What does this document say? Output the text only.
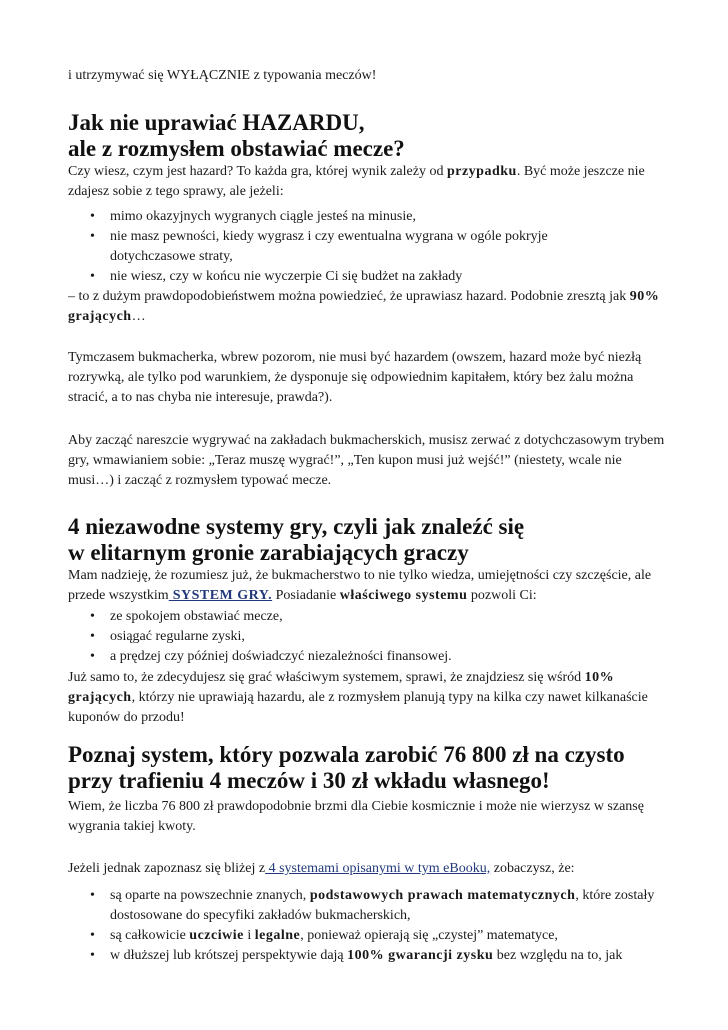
i utrzymywać się WYŁĄCZNIE z typowania meczów!

Jak nie uprawiać HAZARDU,
ale z rozmysłem obstawiać mecze?

Czy wiesz, czym jest hazard? To każda gra, której wynik zależy od przypadku. Być może jeszcze nie zdajesz sobie z tego sprawy, ale jeżeli:

• mimo okazyjnych wygranych ciągle jesteś na minusie,
• nie masz pewności, kiedy wygrasz i czy ewentualna wygrana w ogóle pokryje dotychczasowe straty,
• nie wiesz, czy w końcu nie wyczerpie Ci się budżet na zakłady

– to z dużym prawdopodobieństwem można powiedzieć, że uprawiasz hazard. Podobnie zresztą jak 90% grających…

Tymczasem bukmacherka, wbrew pozorom, nie musi być hazardem (owszem, hazard może być niezłą rozrywką, ale tylko pod warunkiem, że dysponuje się odpowiednim kapitałem, który bez żalu można stracić, a to nas chyba nie interesuje, prawda?).

Aby zacząć nareszcie wygrywać na zakładach bukmacherskich, musisz zerwać z dotychczasowym trybem gry, wmawianiem sobie: „Teraz muszę wygrać!”, „Ten kupon musi już wejść!” (niestety, wcale nie musi…) i zacząć z rozmysłem typować mecze.

4 niezawodne systemy gry, czyli jak znaleźć się
w elitarnym gronie zarabiających graczy

Mam nadzieję, że rozumiesz już, że bukmacherstwo to nie tylko wiedza, umiejętności czy szczęście, ale przede wszystkim SYSTEM GRY. Posiadanie właściwego systemu pozwoli Ci:

• ze spokojem obstawiać mecze,
• osiągać regularne zyski,
• a prędzej czy później doświadczyć niezależności finansowej.

Już samo to, że zdecydujesz się grać właściwym systemem, sprawi, że znajdziesz się wśród 10% grających, którzy nie uprawiają hazardu, ale z rozmysłem planują typy na kilka czy nawet kilkanaście kuponów do przodu!

Poznaj system, który pozwala zarobić 76 800 zł na czysto
przy trafieniu 4 meczów i 30 zł wkładu własnego!

Wiem, że liczba 76 800 zł prawdopodobnie brzmi dla Ciebie kosmicznie i może nie wierzysz w szansę wygrania takiej kwoty.

Jeżeli jednak zapoznasz się bliżej z 4 systemami opisanymi w tym eBooku, zobaczysz, że:

• są oparte na powszechnie znanych, podstawowych prawach matematycznych, które zostały dostosowane do specyfiki zakładów bukmacherskich,
• są całkowicie uczciwie i legalne, ponieważ opierają się „czystej” matematyce,
• w dłuższej lub krótszej perspektywie dają 100% gwarancji zysku bez względu na to, jak
